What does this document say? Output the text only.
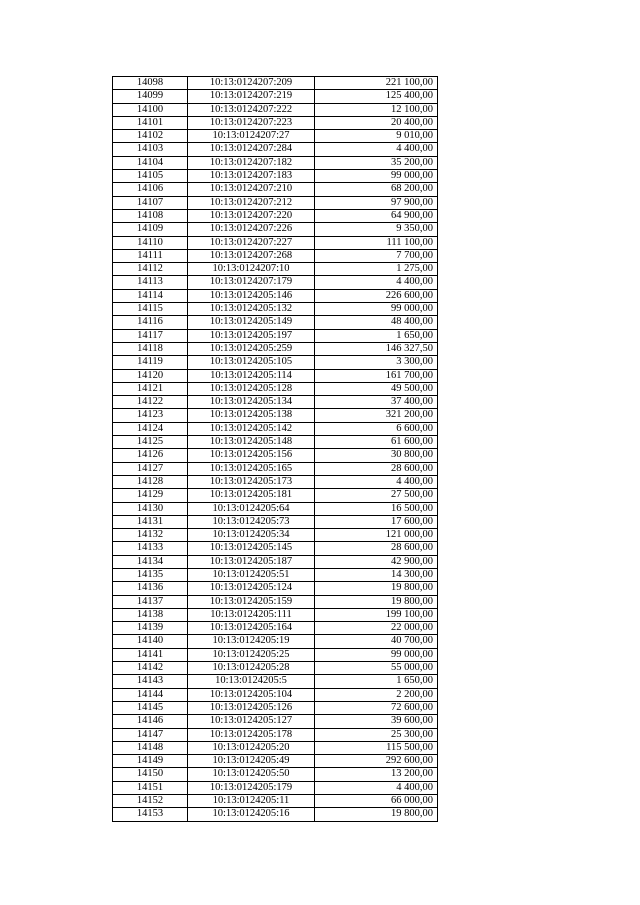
14098	10:13:0124207:209	221 100,00
14099	10:13:0124207:219	125 400,00
14100	10:13:0124207:222	12 100,00
14101	10:13:0124207:223	20 400,00
14102	10:13:0124207:27	9 010,00
14103	10:13:0124207:284	4 400,00
14104	10:13:0124207:182	35 200,00
14105	10:13:0124207:183	99 000,00
14106	10:13:0124207:210	68 200,00
14107	10:13:0124207:212	97 900,00
14108	10:13:0124207:220	64 900,00
14109	10:13:0124207:226	9 350,00
14110	10:13:0124207:227	111 100,00
14111	10:13:0124207:268	7 700,00
14112	10:13:0124207:10	1 275,00
14113	10:13:0124207:179	4 400,00
14114	10:13:0124205:146	226 600,00
14115	10:13:0124205:132	99 000,00
14116	10:13:0124205:149	48 400,00
14117	10:13:0124205:197	1 650,00
14118	10:13:0124205:259	146 327,50
14119	10:13:0124205:105	3 300,00
14120	10:13:0124205:114	161 700,00
14121	10:13:0124205:128	49 500,00
14122	10:13:0124205:134	37 400,00
14123	10:13:0124205:138	321 200,00
14124	10:13:0124205:142	6 600,00
14125	10:13:0124205:148	61 600,00
14126	10:13:0124205:156	30 800,00
14127	10:13:0124205:165	28 600,00
14128	10:13:0124205:173	4 400,00
14129	10:13:0124205:181	27 500,00
14130	10:13:0124205:64	16 500,00
14131	10:13:0124205:73	17 600,00
14132	10:13:0124205:34	121 000,00
14133	10:13:0124205:145	28 600,00
14134	10:13:0124205:187	42 900,00
14135	10:13:0124205:51	14 300,00
14136	10:13:0124205:124	19 800,00
14137	10:13:0124205:159	19 800,00
14138	10:13:0124205:111	199 100,00
14139	10:13:0124205:164	22 000,00
14140	10:13:0124205:19	40 700,00
14141	10:13:0124205:25	99 000,00
14142	10:13:0124205:28	55 000,00
14143	10:13:0124205:5	1 650,00
14144	10:13:0124205:104	2 200,00
14145	10:13:0124205:126	72 600,00
14146	10:13:0124205:127	39 600,00
14147	10:13:0124205:178	25 300,00
14148	10:13:0124205:20	115 500,00
14149	10:13:0124205:49	292 600,00
14150	10:13:0124205:50	13 200,00
14151	10:13:0124205:179	4 400,00
14152	10:13:0124205:11	66 000,00
14153	10:13:0124205:16	19 800,00
